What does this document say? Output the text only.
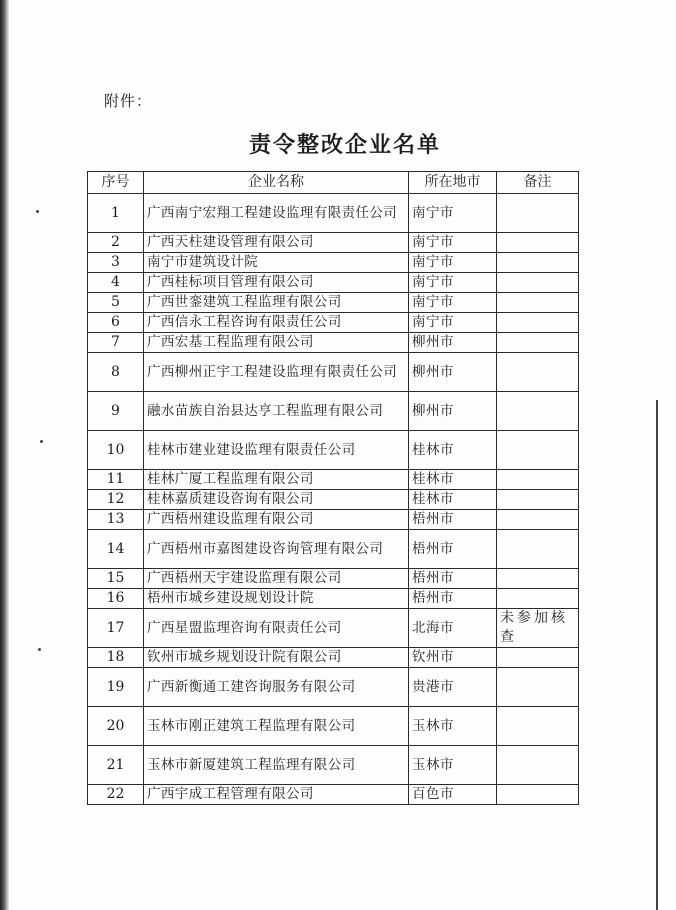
附件：
责令整改企业名单
序号	企业名称	所在地市	备注
1	广西南宁宏翔工程建设监理有限责任公司	南宁市	
2	广西天柱建设管理有限公司	南宁市	
3	南宁市建筑设计院	南宁市	
4	广西桂标项目管理有限公司	南宁市	
5	广西世銮建筑工程监理有限公司	南宁市	
6	广西信永工程咨询有限责任公司	南宁市	
7	广西宏基工程监理有限公司	柳州市	
8	广西柳州正宇工程建设监理有限责任公司	柳州市	
9	融水苗族自治县达亨工程监理有限公司	柳州市	
10	桂林市建业建设监理有限责任公司	桂林市	
11	桂林广厦工程监理有限公司	桂林市	
12	桂林嘉质建设咨询有限公司	桂林市	
13	广西梧州建设监理有限公司	梧州市	
14	广西梧州市嘉图建设咨询管理有限公司	梧州市	
15	广西梧州天宇建设监理有限公司	梧州市	
16	梧州市城乡建设规划设计院	梧州市	
17	广西星盟监理咨询有限责任公司	北海市	未参加核查
18	钦州市城乡规划设计院有限公司	钦州市	
19	广西新衡通工建咨询服务有限公司	贵港市	
20	玉林市刚正建筑工程监理有限公司	玉林市	
21	玉林市新厦建筑工程监理有限公司	玉林市	
22	广西宇成工程管理有限公司	百色市	
